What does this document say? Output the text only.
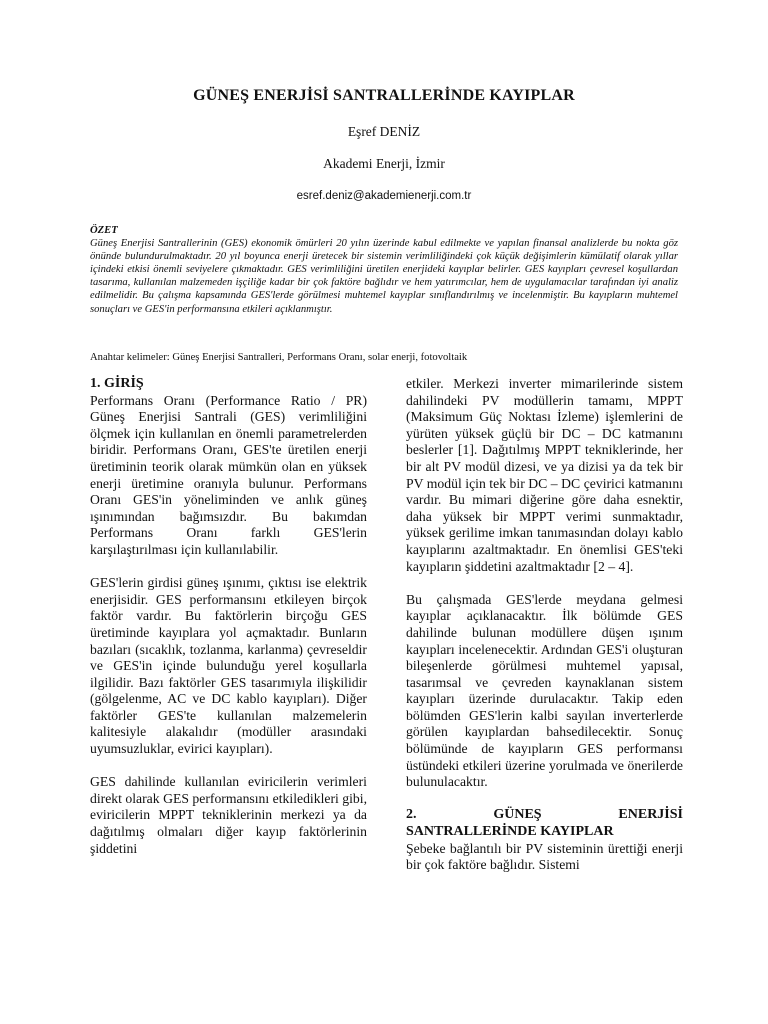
GÜNEŞ ENERJİSİ SANTRALLERİNDE KAYIPLAR
Eşref DENİZ
Akademi Enerji, İzmir
esref.deniz@akademienerji.com.tr
ÖZET
Güneş Enerjisi Santrallerinin (GES) ekonomik ömürleri 20 yılın üzerinde kabul edilmekte ve yapılan finansal analizlerde bu nokta göz önünde bulundurulmaktadır. 20 yıl boyunca enerji üretecek bir sistemin verimliliğindeki çok küçük değişimlerin kümülatif olarak yıllar içindeki etkisi önemli seviyelere çıkmaktadır. GES verimliliğini üretilen enerjideki kayıplar belirler. GES kayıpları çevresel koşullardan tasarıma, kullanılan malzemeden işçiliğe kadar bir çok faktöre bağlıdır ve hem yatırımcılar, hem de uygulamacılar tarafından iyi analiz edilmelidir. Bu çalışma kapsamında GES'lerde görülmesi muhtemel kayıplar sınıflandırılmış ve incelenmiştir. Bu kayıpların muhtemel sonuçları ve GES'in performansına etkileri açıklanmıştır.
Anahtar kelimeler: Güneş Enerjisi Santralleri, Performans Oranı, solar enerji, fotovoltaik
1. GİRİŞ

Performans Oranı (Performance Ratio / PR) Güneş Enerjisi Santrali (GES) verimliliğini ölçmek için kullanılan en önemli parametrelerden biridir. Performans Oranı, GES'te üretilen enerji üretiminin teorik olarak mümkün olan en yüksek enerji üretimine oranıyla bulunur. Performans Oranı GES'in yöneliminden ve anlık güneş ışınımından bağımsızdır. Bu bakımdan Performans Oranı farklı GES'lerin karşılaştırılması için kullanılabilir.

GES'lerin girdisi güneş ışınımı, çıktısı ise elektrik enerjisidir. GES performansını etkileyen birçok faktör vardır. Bu faktörlerin birçoğu GES üretiminde kayıplara yol açmaktadır. Bunların bazıları (sıcaklık, tozlanma, karlanma) çevreseldir ve GES'in içinde bulunduğu yerel koşullarla ilgilidir. Bazı faktörler GES tasarımıyla ilişkilidir (gölgelenme, AC ve DC kablo kayıpları). Diğer faktörler GES'te kullanılan malzemelerin kalitesiyle alakalıdır (modüller arasındaki uyumsuzluklar, evirici kayıpları).

GES dahilinde kullanılan eviricilerin verimleri direkt olarak GES performansını etkiledikleri gibi, eviricilerin MPPT tekniklerinin merkezi ya da dağıtılmış olmaları diğer kayıp faktörlerinin şiddetini

etkiler. Merkezi inverter mimarilerinde sistem dahilindeki PV modüllerin tamamı, MPPT (Maksimum Güç Noktası İzleme) işlemlerini de yürüten yüksek güçlü bir DC – DC katmanını beslerler [1]. Dağıtılmış MPPT tekniklerinde, her bir alt PV modül dizesi, ve ya dizisi ya da tek bir PV modül için tek bir DC – DC çevirici katmanını vardır. Bu mimari diğerine göre daha esnektir, daha yüksek bir MPPT verimi sunmaktadır, yüksek gerilime imkan tanımasından dolayı kablo kayıplarını azaltmaktadır. En önemlisi GES'teki kayıpların şiddetini azaltmaktadır [2 – 4].

Bu çalışmada GES'lerde meydana gelmesi kayıplar açıklanacaktır. İlk bölümde GES dahilinde bulunan modüllere düşen ışınım kayıpları incelenecektir. Ardından GES'i oluşturan bileşenlerde görülmesi muhtemel yapısal, tasarımsal ve çevreden kaynaklanan sistem kayıpları üzerinde durulacaktır. Takip eden bölümden GES'lerin kalbi sayılan inverterlerde görülen kayıplardan bahsedilecektir. Sonuç bölümünde de kayıpların GES performansı üstündeki etkileri üzerine yorulmada ve önerilerde bulunulacaktır.

2. GÜNEŞ ENERJİSİ
SANTRALLERİNDE KAYIPLAR

Şebeke bağlantılı bir PV sisteminin ürettiği enerji bir çok faktöre bağlıdır. Sistemi
